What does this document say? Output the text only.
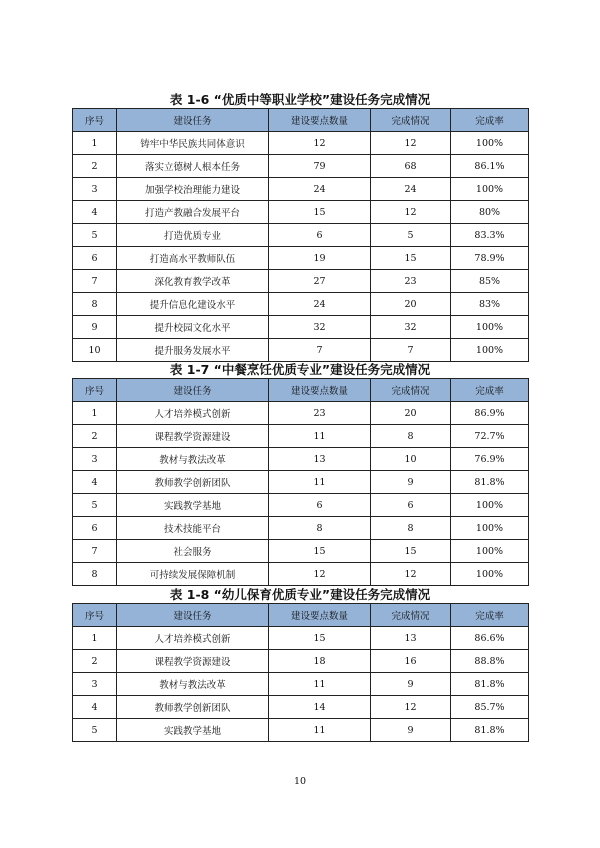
表 1-6 “优质中等职业学校”建设任务完成情况
序号	建设任务	建设要点数量	完成情况	完成率
1	铸牢中华民族共同体意识	12	12	100%
2	落实立德树人根本任务	79	68	86.1%
3	加强学校治理能力建设	24	24	100%
4	打造产教融合发展平台	15	12	80%
5	打造优质专业	6	5	83.3%
6	打造高水平教师队伍	19	15	78.9%
7	深化教育教学改革	27	23	85%
8	提升信息化建设水平	24	20	83%
9	提升校园文化水平	32	32	100%
10	提升服务发展水平	7	7	100%
表 1-7 “中餐烹饪优质专业”建设任务完成情况
序号	建设任务	建设要点数量	完成情况	完成率
1	人才培养模式创新	23	20	86.9%
2	课程教学资源建设	11	8	72.7%
3	教材与教法改革	13	10	76.9%
4	教师教学创新团队	11	9	81.8%
5	实践教学基地	6	6	100%
6	技术技能平台	8	8	100%
7	社会服务	15	15	100%
8	可持续发展保障机制	12	12	100%
表 1-8 “幼儿保育优质专业”建设任务完成情况
序号	建设任务	建设要点数量	完成情况	完成率
1	人才培养模式创新	15	13	86.6%
2	课程教学资源建设	18	16	88.8%
3	教材与教法改革	11	9	81.8%
4	教师教学创新团队	14	12	85.7%
5	实践教学基地	11	9	81.8%
10
